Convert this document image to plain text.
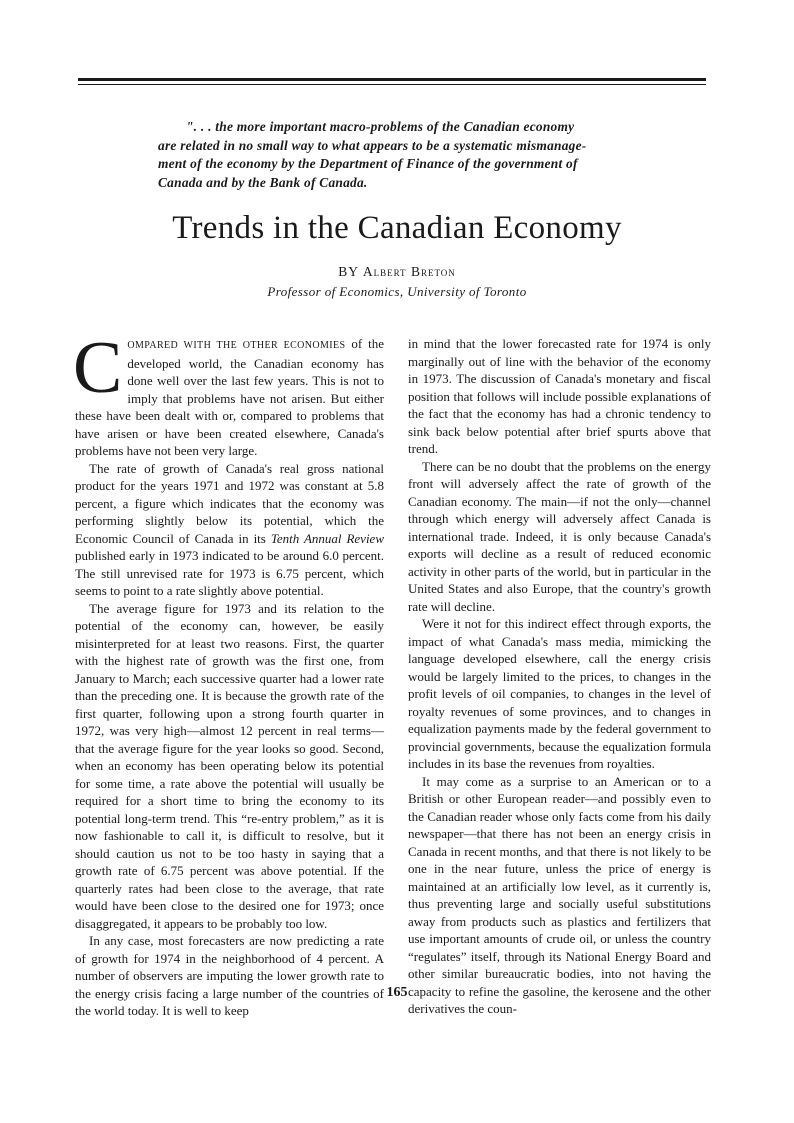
". . . the more important macro-problems of the Canadian economy
are related in no small way to what appears to be a systematic mismanage-
ment of the economy by the Department of Finance of the government of
Canada and by the Bank of Canada.
Trends in the Canadian Economy
BY Albert Breton
Professor of Economics, University of Toronto

COMPARED WITH THE OTHER ECONOMIES of the developed world, the Canadian economy has done well over the last few years. This is not to imply that problems have not arisen. But either these have been dealt with or, compared to problems that have arisen or have been created elsewhere, Canada's problems have not been very large.

The rate of growth of Canada's real gross national product for the years 1971 and 1972 was constant at 5.8 percent, a figure which indicates that the economy was performing slightly below its potential, which the Economic Council of Canada in its Tenth Annual Review published early in 1973 indicated to be around 6.0 percent. The still unrevised rate for 1973 is 6.75 percent, which seems to point to a rate slightly above potential.

The average figure for 1973 and its relation to the potential of the economy can, however, be easily misinterpreted for at least two reasons. First, the quarter with the highest rate of growth was the first one, from January to March; each successive quarter had a lower rate than the preceding one. It is because the growth rate of the first quarter, following upon a strong fourth quarter in 1972, was very high—almost 12 percent in real terms—that the average figure for the year looks so good. Second, when an economy has been operating below its potential for some time, a rate above the potential will usually be required for a short time to bring the economy to its potential long-term trend. This “re-entry problem,” as it is now fashionable to call it, is difficult to resolve, but it should caution us not to be too hasty in saying that a growth rate of 6.75 percent was above potential. If the quarterly rates had been close to the average, that rate would have been close to the desired one for 1973; once disaggregated, it appears to be probably too low.

In any case, most forecasters are now predicting a rate of growth for 1974 in the neighborhood of 4 percent. A number of observers are imputing the lower growth rate to the energy crisis facing a large number of the countries of the world today. It is well to keep

in mind that the lower forecasted rate for 1974 is only marginally out of line with the behavior of the economy in 1973. The discussion of Canada's monetary and fiscal position that follows will include possible explanations of the fact that the economy has had a chronic tendency to sink back below potential after brief spurts above that trend.

There can be no doubt that the problems on the energy front will adversely affect the rate of growth of the Canadian economy. The main—if not the only—channel through which energy will adversely affect Canada is international trade. Indeed, it is only because Canada's exports will decline as a result of reduced economic activity in other parts of the world, but in particular in the United States and also Europe, that the country's growth rate will decline.

Were it not for this indirect effect through exports, the impact of what Canada's mass media, mimicking the language developed elsewhere, call the energy crisis would be largely limited to the prices, to changes in the profit levels of oil companies, to changes in the level of royalty revenues of some provinces, and to changes in equalization payments made by the federal government to provincial governments, because the equalization formula includes in its base the revenues from royalties.

It may come as a surprise to an American or to a British or other European reader—and possibly even to the Canadian reader whose only facts come from his daily newspaper—that there has not been an energy crisis in Canada in recent months, and that there is not likely to be one in the near future, unless the price of energy is maintained at an artificially low level, as it currently is, thus preventing large and socially useful substitutions away from products such as plastics and fertilizers that use important amounts of crude oil, or unless the country “regulates” itself, through its National Energy Board and other similar bureaucratic bodies, into not having the capacity to refine the gasoline, the kerosene and the other derivatives the coun-

165
